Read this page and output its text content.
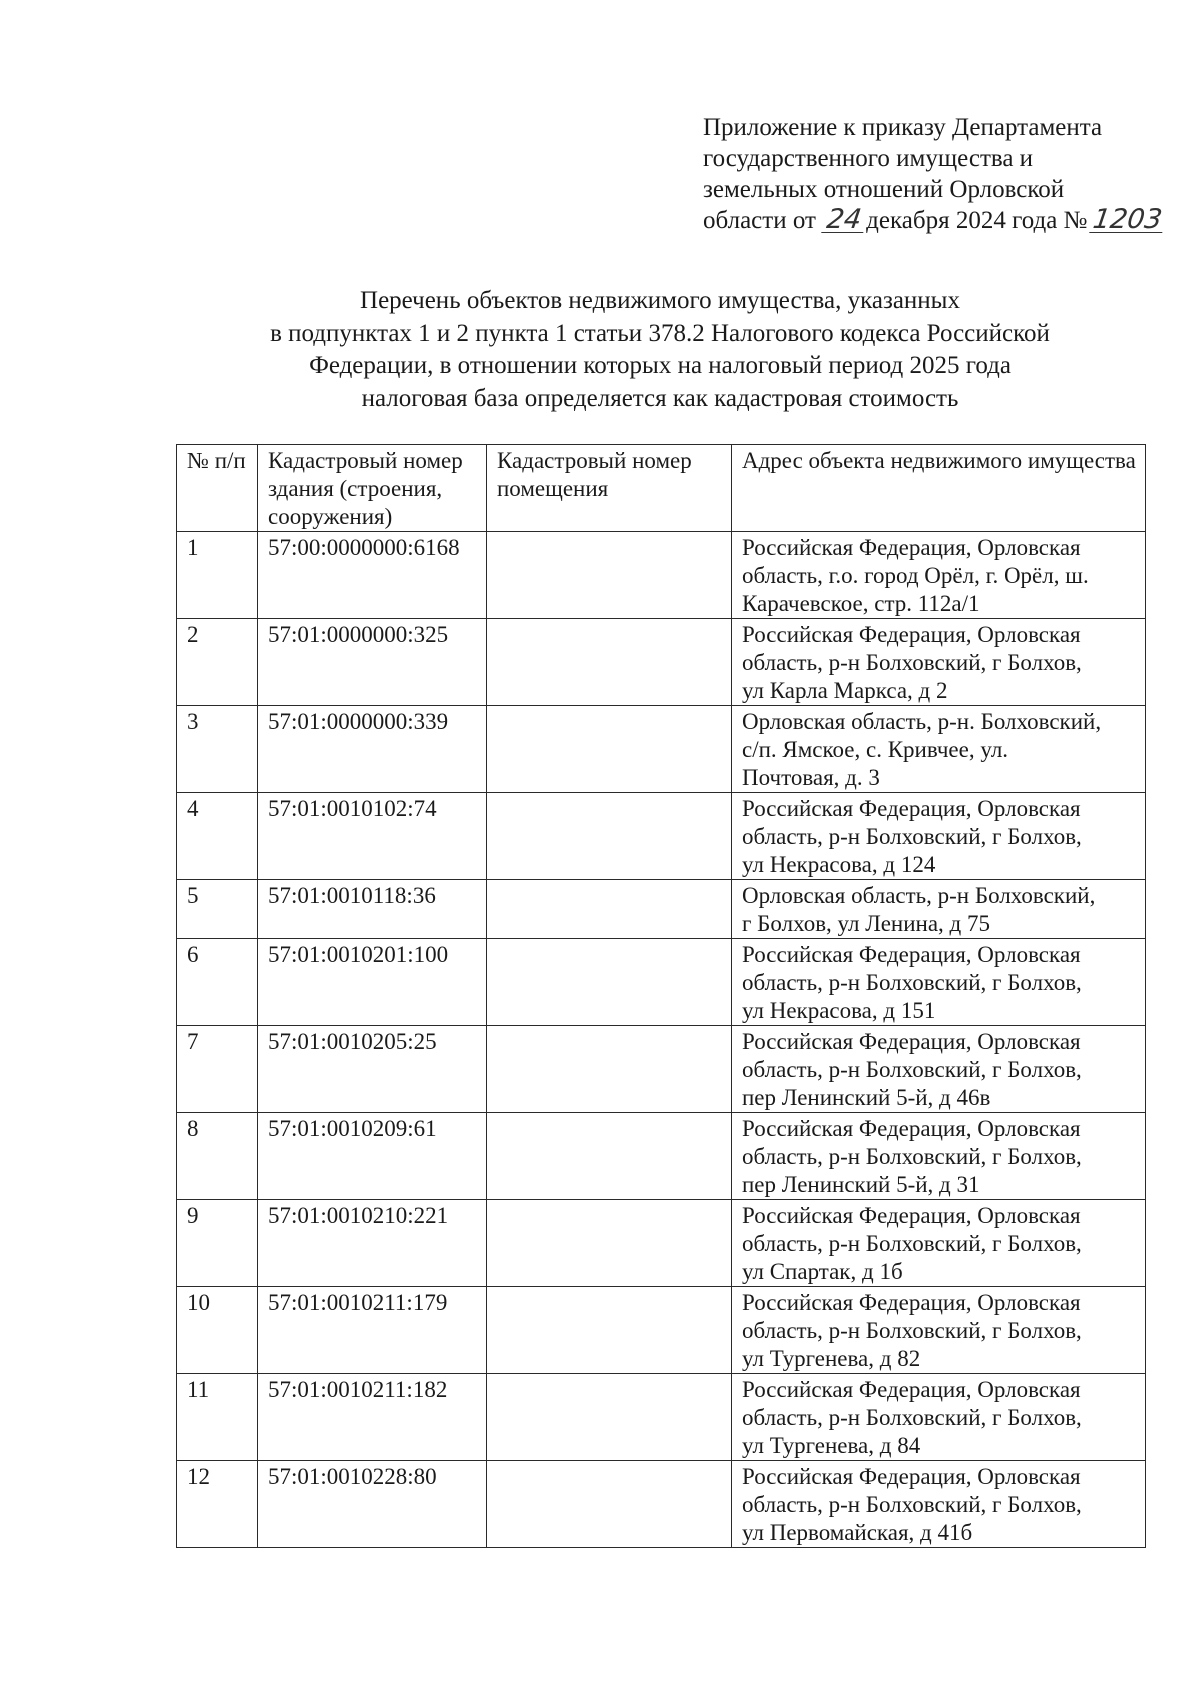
Приложение к приказу Департамента
государственного имущества и
земельных отношений Орловской
области от 24 декабря 2024 года № 1203
Перечень объектов недвижимого имущества, указанных
в подпунктах 1 и 2 пункта 1 статьи 378.2 Налогового кодекса Российской
Федерации, в отношении которых на налоговый период 2025 года
налоговая база определяется как кадастровая стоимость
№ п/п	Кадастровый номер здания (строения, сооружения)	Кадастровый номер помещения	Адрес объекта недвижимого имущества
1	57:00:0000000:6168		Российская Федерация, Орловская
область, г.о. город Орёл, г. Орёл, ш.
Карачевское, стр. 112а/1

2	57:01:0000000:325		Российская Федерация, Орловская
область, р-н Болховский, г Болхов,
ул Карла Маркса, д 2

3	57:01:0000000:339		Орловская область, р-н. Болховский,
с/п. Ямское, с. Кривчее, ул.
Почтовая, д. 3

4	57:01:0010102:74		Российская Федерация, Орловская
область, р-н Болховский, г Болхов,
ул Некрасова, д 124

5	57:01:0010118:36		Орловская область, р-н Болховский,
г Болхов, ул Ленина, д 75

6	57:01:0010201:100		Российская Федерация, Орловская
область, р-н Болховский, г Болхов,
ул Некрасова, д 151

7	57:01:0010205:25		Российская Федерация, Орловская
область, р-н Болховский, г Болхов,
пер Ленинский 5-й, д 46в

8	57:01:0010209:61		Российская Федерация, Орловская
область, р-н Болховский, г Болхов,
пер Ленинский 5-й, д 31

9	57:01:0010210:221		Российская Федерация, Орловская
область, р-н Болховский, г Болхов,
ул Спартак, д 1б

10	57:01:0010211:179		Российская Федерация, Орловская
область, р-н Болховский, г Болхов,
ул Тургенева, д 82

11	57:01:0010211:182		Российская Федерация, Орловская
область, р-н Болховский, г Болхов,
ул Тургенева, д 84

12	57:01:0010228:80		Российская Федерация, Орловская
область, р-н Болховский, г Болхов,
ул Первомайская, д 41б
